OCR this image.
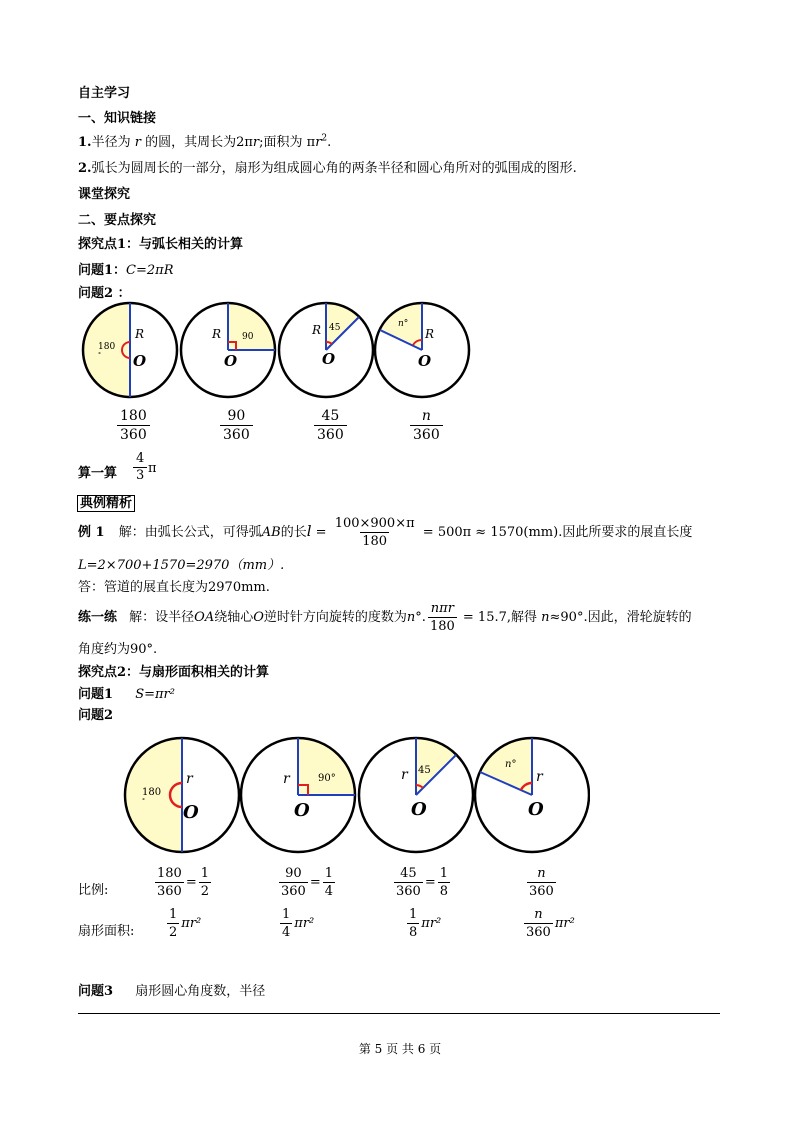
自主学习
一、知识链接
1.半径为 r 的圆，其周长为2πr;面积为 $\pi r^2$.
2.弧长为圆周长的一部分，扇形为组成圆心角的两条半径和圆心角所对的弧围成的图形.
课堂探究
二、要点探究
探究点1：与弧长相关的计算
问题1：C=2πR
问题2 ：
180
°
R
O
90
R
O
45
R
O
n°
R
O
$\frac{180}{360}$	$\frac{90}{360}$	$\frac{45}{360}$	$\frac{n}{360}$
算一算 $\frac{4}{3}$ π
典例精析
例 1 解：由弧长公式，可得弧AB的长$l = \frac{100\times 900\times\pi}{180} = 500\pi \approx 1570(mm)$.因此所要求的展直长度
L=2×700+1570=2970（mm）.
答：管道的展直长度为2970mm.
练一练 解：设半径OA绕轴心O逆时针方向旋转的度数为n°. $\frac{\text{nπr}}{180} = 15.7$,解得 n≈90°.因此，滑轮旋转的
角度约为90°.
探究点2：与扇形面积相关的计算
问题1 S=πr²
问题2
180
°
r
O
90°
r
O
45
r
O
n°
r
O
比例:	$\frac{180}{360} = \frac{1}{2}$	$\frac{90}{360} = \frac{1}{4}$	$\frac{45}{360} = \frac{1}{8}$	$\frac{n}{360}$
扇形面积:	$\frac{1}{2} \pi r^2$	$\frac{1}{4} \pi r^2$	$\frac{1}{8} \pi r^2$	$\frac{n}{360} \pi r^2$
问题3 扇形圆心角度数，半径
第 5 页 共 6 页
